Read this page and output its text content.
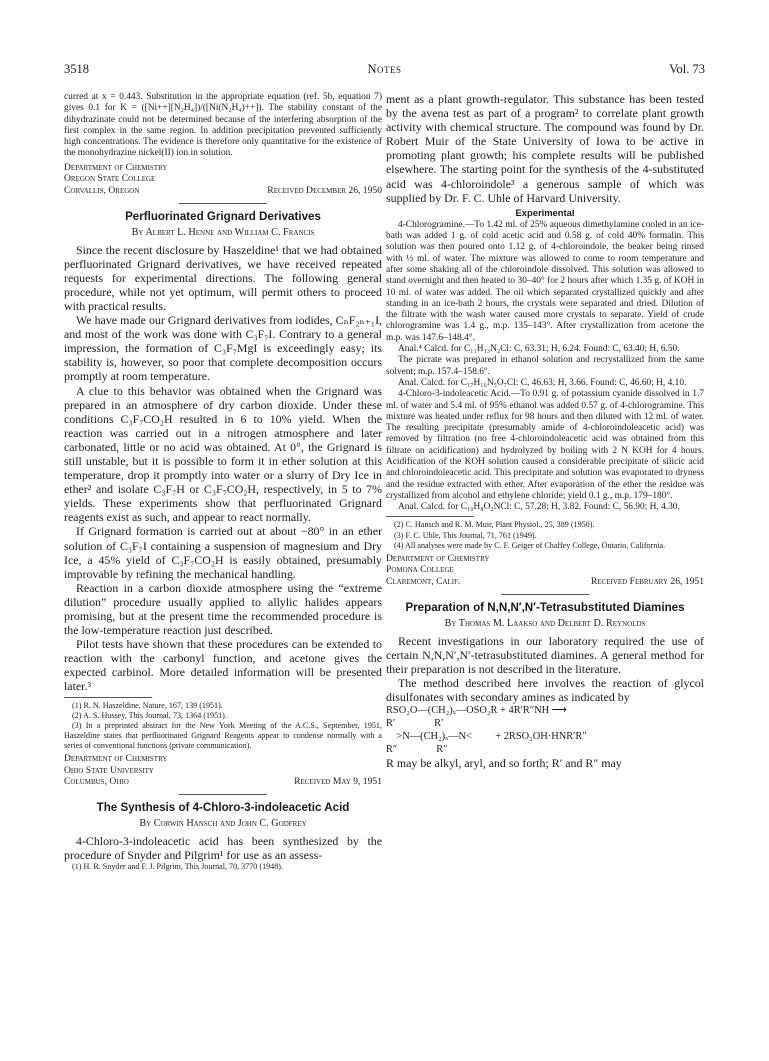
3518	Notes	Vol. 73

curred at x = 0.443. Substitution in the appropriate equation (ref. 5b, equation 7) gives 0.1 for K = ([Ni++][N₂H₄])/([Ni(N₂H₄)++]). The stability constant of the dihydrazinate could not be determined because of the interfering absorption of the first complex in the same region. In addition precipitation prevented sufficiently high concentrations. The evidence is therefore only quantitative for the existence of the monohydrazine nickel(II) ion in solution.

Department of Chemistry
Oregon State College
Corvallis, Oregon	Received December 26, 1950
Perfluorinated Grignard Derivatives
By Albert L. Henne and William C. Francis

Since the recent disclosure by Haszeldine¹ that we had obtained perfluorinated Grignard derivatives, we have received repeated requests for experimental directions. The following general procedure, while not yet optimum, will permit others to proceed with practical results.

We have made our Grignard derivatives from iodides, CₙF₂ₙ₊₁I, and most of the work was done with C₃F₇I. Contrary to a general impression, the formation of C₃F₇MgI is exceedingly easy; its stability is, however, so poor that complete decomposition occurs promptly at room temperature.

A clue to this behavior was obtained when the Grignard was prepared in an atmosphere of dry carbon dioxide. Under these conditions C₃F₇CO₂H resulted in 6 to 10% yield. When the reaction was carried out in a nitrogen atmosphere and later carbonated, little or no acid was obtained. At 0°, the Grignard is still unstable, but it is possible to form it in ether solution at this temperature, drop it promptly into water or a slurry of Dry Ice in ether² and isolate C₃F₇H or C₃F₇CO₂H, respectively, in 5 to 7% yields. These experiments show that perfluorinated Grignard reagents exist as such, and appear to react normally.

If Grignard formation is carried out at about −80° in an ether solution of C₃F₇I containing a suspension of magnesium and Dry Ice, a 45% yield of C₃F₇CO₂H is easily obtained, presumably improvable by refining the mechanical handling.

Reaction in a carbon dioxide atmosphere using the “extreme dilution” procedure usually applied to allylic halides appears promising, but at the present time the recommended procedure is the low-temperature reaction just described.

Pilot tests have shown that these procedures can be extended to reaction with the carbonyl function, and acetone gives the expected carbinol. More detailed information will be presented later.³

(1) R. N. Haszeldine, Nature, 167, 139 (1951).

(2) A. S. Hussey, This Journal, 73, 1364 (1951).

(3) In a preprinted abstract for the New York Meeting of the A.C.S., September, 1951, Haszeldine states that perfluorinated Grignard Reagents appear to condense normally with a series of conventional functions (private communication).

Department of Chemistry
Ohio State University
Columbus, Ohio	Received May 9, 1951
The Synthesis of 4-Chloro-3-indoleacetic Acid
By Corwin Hansch and John C. Godfrey

4-Chloro-3-indoleacetic acid has been synthesized by the procedure of Snyder and Pilgrim¹ for use as an assess-

(1) H. R. Snyder and F. J. Pilgrim, This Journal, 70, 3770 (1948).

ment as a plant growth-regulator. This substance has been tested by the avena test as part of a program² to correlate plant growth activity with chemical structure. The compound was found by Dr. Robert Muir of the State University of Iowa to be active in promoting plant growth; his complete results will be published elsewhere. The starting point for the synthesis of the 4-substituted acid was 4-chloroindole³ a generous sample of which was supplied by Dr. F. C. Uhle of Harvard University.

Experimental

4-Chlorogramine.—To 1.42 ml. of 25% aqueous dimethylamine cooled in an ice-bath was added 1 g. of cold acetic acid and 0.58 g. of cold 40% formalin. This solution was then poured onto 1.12 g. of 4-chloroindole, the beaker being rinsed with ½ ml. of water. The mixture was allowed to come to room temperature and after some shaking all of the chloroindole dissolved. This solution was allowed to stand overnight and then heated to 30–40° for 2 hours after which 1.35 g. of KOH in 10 ml. of water was added. The oil which separated crystallized quickly and after standing in an ice-bath 2 hours, the crystals were separated and dried. Dilution of the filtrate with the wash water caused more crystals to separate. Yield of crude chlorogramine was 1.4 g., m.p. 135–143°. After crystallization from acetone the m.p. was 147.6–148.4°.

Anal.⁴ Calcd. for C₁₁H₁₃N₂Cl: C, 63.31; H, 6.24. Found: C, 63.40; H, 6.50.

The picrate was prepared in ethanol solution and recrystallized from the same solvent; m.p. 157.4–158.6°.

Anal. Calcd. for C₁₇H₁₆N₅O₇Cl: C, 46.63; H, 3.66. Found: C, 46.60; H, 4.10.

4-Chloro-3-indoleacetic Acid.—To 0.91 g. of potassium cyanide dissolved in 1.7 ml. of water and 5.4 ml. of 95% ethanol was added 0.57 g. of 4-chlorogramine. This mixture was heated under reflux for 98 hours and then diluted with 12 ml. of water. The resulting precipitate (presumably amide of 4-chloroindoleacetic acid) was removed by filtration (no free 4-chloroindoleacetic acid was obtained from this filtrate on acidification) and hydrolyzed by boiling with 2 N KOH for 4 hours. Acidification of the KOH solution caused a considerable precipitate of silicic acid and chloroindoleacetic acid. This precipitate and solution was evaporated to dryness and the residue extracted with ether. After evaporation of the ether the residue was crystallized from alcohol and ethylene chloride; yield 0.1 g., m.p. 179–180°.

Anal. Calcd. for C₁₀H₈O₂NCl: C, 57.28; H, 3.82. Found: C, 56.90; H, 4.30.

(2) C. Hansch and R. M. Muir, Plant Physiol., 25, 389 (1950).

(3) F. C. Uhle, This Journal, 71, 761 (1949).

(4) All analyses were made by C. F. Geiger of Chaffey College, Ontario, California.

Department of Chemistry
Pomona College
Claremont, Calif.	Received February 26, 1951
Preparation of N,N,N′,N′-Tetrasubstituted Diamines
By Thomas M. Laakso and Delbert D. Reynolds

Recent investigations in our laboratory required the use of certain N,N,N′,N′-tetrasubstituted diamines. A general method for their preparation is not described in the literature.

The method described here involves the reaction of glycol disulfonates with secondary amines as indicated by

RSO₂O—(CH₂)ₓ—OSO₂R + 4R′R″NH ⟶
R′               R′
>N—(CH₂)ₓ—N<         + 2RSO₂OH·HNR′R″
R″               R″

R may be alkyl, aryl, and so forth; R′ and R″ may
